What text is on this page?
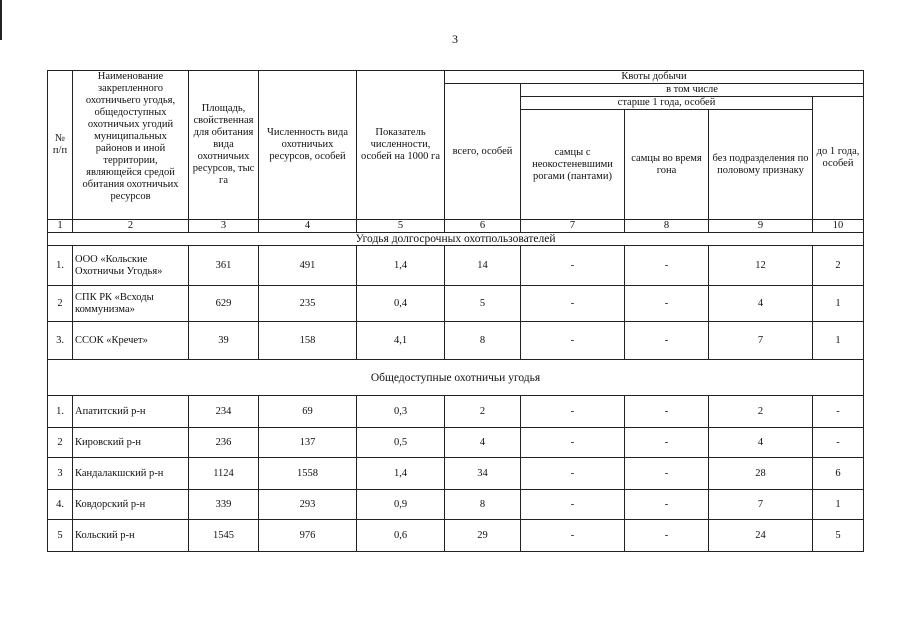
3
№ п/п	Наименование закрепленного охотничьего угодья, общедоступных охотничьих угодий муниципальных районов и иной территории, являющейся средой обитания охотничьих ресурсов	Площадь, свойственная для обитания вида охотничьих ресурсов, тыс га	Численность вида охотничьих ресурсов, особей	Показатель численности, особей на 1000 га	Квоты добычи				
					всего, особей	в том числе			
						старше 1 года, особей			до 1 года, особей
						самцы с неокостеневшими рогами (пантами)	самцы во время гона	без подразделения по половому признаку	
1	2	3	4	5	6	7	8	9	10
Угодья долгосрочных охотпользователей									
1.	ООО «Кольские Охотничьи Угодья»	361	491	1,4	14	-	-	12	2
2	СПК РК «Всходы коммунизма»	629	235	0,4	5	-	-	4	1
3.	ССОК «Кречет»	39	158	4,1	8	-	-	7	1
Общедоступные охотничьи угодья									
1.	Апатитский р-н	234	69	0,3	2	-	-	2	-
2	Кировский р-н	236	137	0,5	4	-	-	4	-
3	Кандалакшский р-н	1124	1558	1,4	34	-	-	28	6
4.	Ковдорский р-н	339	293	0,9	8	-	-	7	1
5	Кольский р-н	1545	976	0,6	29	-	-	24	5
